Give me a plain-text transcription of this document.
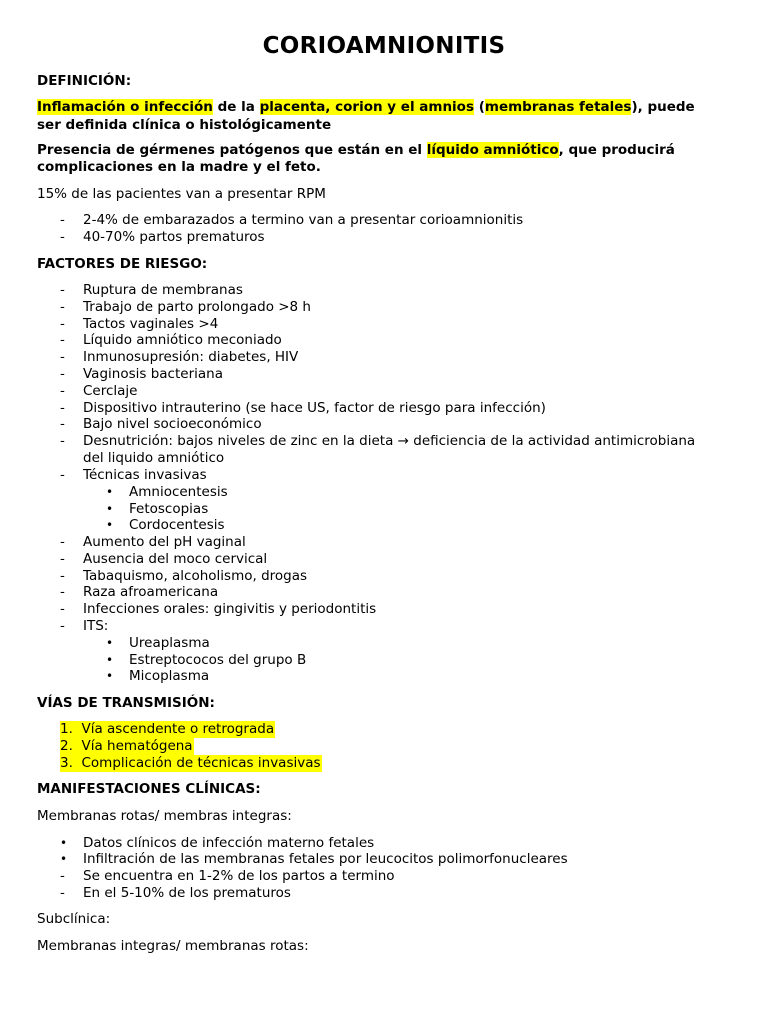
CORIOAMNIONITIS
DEFINICIÓN:
Inflamación o infección de la placenta, corion y el amnios (membranas fetales), puede
ser definida clínica o histológicamente
Presencia de gérmenes patógenos que están en el líquido amniótico, que producirá
complicaciones en la madre y el feto.
15% de las pacientes van a presentar RPM
- 2-4% de embarazados a termino van a presentar corioamnionitis
- 40-70% partos prematuros
FACTORES DE RIESGO:
- Ruptura de membranas
- Trabajo de parto prolongado >8 h
- Tactos vaginales >4
- Líquido amniótico meconiado
- Inmunosupresión: diabetes, HIV
- Vaginosis bacteriana
- Cerclaje
- Dispositivo intrauterino (se hace US, factor de riesgo para infección)
- Bajo nivel socioeconómico
- Desnutrición: bajos niveles de zinc en la dieta → deficiencia de la actividad antimicrobiana
del liquido amniótico
- Técnicas invasivas
• Amniocentesis
• Fetoscopias
• Cordocentesis
- Aumento del pH vaginal
- Ausencia del moco cervical
- Tabaquismo, alcoholismo, drogas
- Raza afroamericana
- Infecciones orales: gingivitis y periodontitis
- ITS:
• Ureaplasma
• Estreptococos del grupo B
• Micoplasma
VÍAS DE TRANSMISIÓN:
1. Vía ascendente o retrograda
2. Vía hematógena
3. Complicación de técnicas invasivas
MANIFESTACIONES CLÍNICAS:
Membranas rotas/ membras integras:
• Datos clínicos de infección materno fetales
• Infiltración de las membranas fetales por leucocitos polimorfonucleares
- Se encuentra en 1-2% de los partos a termino
- En el 5-10% de los prematuros
Subclínica:
Membranas integras/ membranas rotas:
